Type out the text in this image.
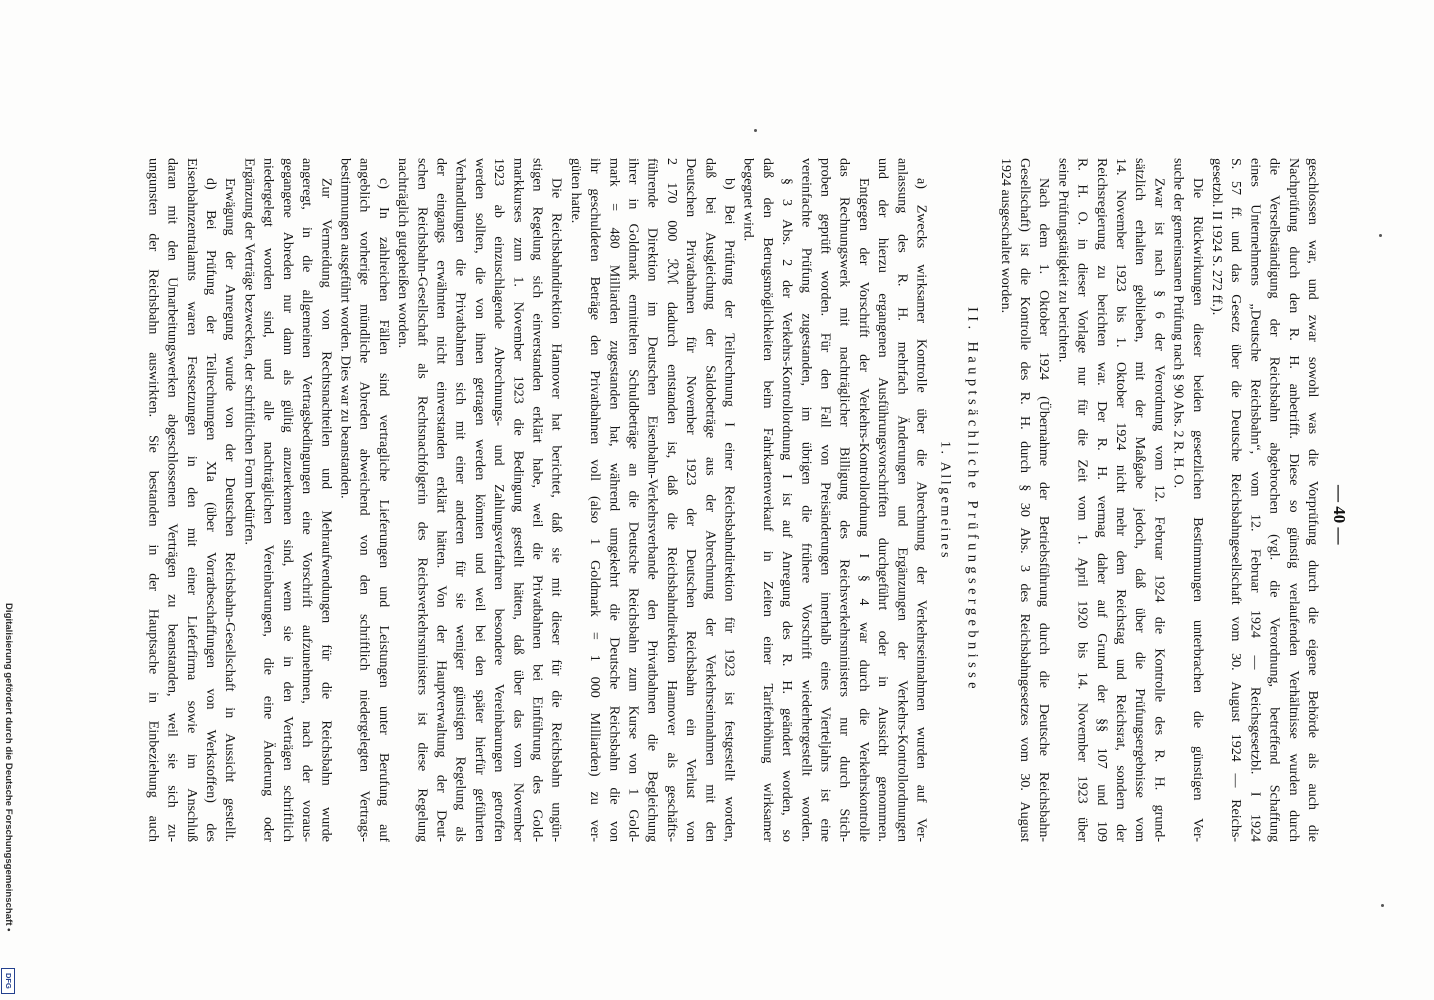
— 40 —
geschlossen war, und zwar sowohl was die Vorprüfung durch die eigene Behörde als auch die
Nachprüfung durch den R. H. anbetrifft. Diese so günstig verlaufenden Verhältnisse wurden durch
die Verselbständigung der Reichsbahn abgebrochen (vgl. die Verordnung, betreffend Schaffung
eines Unternehmens „Deutsche Reichsbahn“, vom 12. Februar 1924 — Reichsgesetzbl. I 1924
S. 57 ff. und das Gesetz über die Deutsche Reichsbahngesellschaft vom 30. August 1924 — Reichs-
gesetzbl. II 1924 S. 272 ff.).
Die Rückwirkungen dieser beiden gesetzlichen Bestimmungen unterbrachen die günstigen Ver-
suche der gemeinsamen Prüfung nach § 90 Abs. 2 R. H. O.
Zwar ist nach § 6 der Verordnung vom 12. Februar 1924 die Kontrolle des R. H. grund-
sätzlich erhalten geblieben, mit der Maßgabe jedoch, daß über die Prüfungsergebnisse vom
14. November 1923 bis 1. Oktober 1924 nicht mehr dem Reichstag und Reichsrat, sondern der
Reichsregierung zu berichten war. Der R. H. vermag daher auf Grund der §§ 107 und 109
R. H. O. in dieser Vorlage nur für die Zeit vom 1. April 1920 bis 14. November 1923 über
seine Prüfungstätigkeit zu berichten.
Nach dem 1. Oktober 1924 (Übernahme der Betriebsführung durch die Deutsche Reichsbahn-
Gesellschaft) ist die Kontrolle des R. H. durch § 30 Abs. 3 des Reichsbahngesetzes vom 30. August
1924 ausgeschaltet worden.
II. Hauptsächliche Prüfungsergebnisse
1. Allgemeines
a) Zwecks wirksamer Kontrolle über die Abrechnung der Verkehrseinnahmen wurden auf Ver-
anlassung des R. H. mehrfach Änderungen und Ergänzungen der Verkehrs-Kontrollordnungen
und der hierzu ergangenen Ausführungsvorschriften durchgeführt oder in Aussicht genommen.
Entgegen der Vorschrift der Verkehrs-Kontrollordnung I § 4 war durch die Verkehrskontrolle
das Rechnungswerk mit nachträglicher Billigung des Reichsverkehrsministers nur durch Stich-
proben geprüft worden. Für den Fall von Preisänderungen innerhalb eines Vierteljahrs ist eine
vereinfachte Prüfung zugestanden, im übrigen die frühere Vorschrift wiederhergestellt worden.
§ 3 Abs. 2 der Verkehrs-Kontrollordnung I ist auf Anregung des R. H. geändert worden, so
daß den Betrugsmöglichkeiten beim Fahrkartenverkauf in Zeiten einer Tariferhöhung wirksamer
begegnet wird.
b) Bei Prüfung der Teilrechnung I einer Reichsbahndirektion für 1923 ist festgestellt worden,
daß bei Ausgleichung der Saldobeträge aus der Abrechnung der Verkehrseinnahmen mit den
Deutschen Privatbahnen für November 1923 der Deutschen Reichsbahn ein Verlust von
2 170 000 ℛℳ dadurch entstanden ist, daß die Reichsbahndirektion Hannover als geschäfts-
führende Direktion im Deutschen Eisenbahn-Verkehrsverbande den Privatbahnen die Begleichung
ihrer in Goldmark ermittelten Schuldbeträge an die Deutsche Reichsbahn zum Kurse von 1 Gold-
mark = 480 Milliarden zugestanden hat, während umgekehrt die Deutsche Reichsbahn die von
ihr geschuldeten Beträge den Privatbahnen voll (also 1 Goldmark = 1 000 Milliarden) zu ver-
güten hatte.
Die Reichsbahndirektion Hannover hat berichtet, daß sie mit dieser für die Reichsbahn ungün-
stigen Regelung sich einverstanden erklärt habe, weil die Privatbahnen bei Einführung des Gold-
markkurses zum 1. November 1923 die Bedingung gestellt hätten, daß über das vom November
1923 ab einzuschlagende Abrechnungs- und Zahlungsverfahren besondere Vereinbarungen getroffen
werden sollten, die von ihnen getragen werden könnten und weil bei den später hierfür geführten
Verhandlungen die Privatbahnen sich mit einer anderen für sie weniger günstigen Regelung als
der eingangs erwähnten nicht einverstanden erklärt hätten. Von der Hauptverwaltung der Deut-
schen Reichsbahn-Gesellschaft als Rechtsnachfolgerin des Reichsverkehrsministers ist diese Regelung
nachträglich gutgeheißen worden.
c) In zahlreichen Fällen sind vertragliche Lieferungen und Leistungen unter Berufung auf
angeblich vorherige mündliche Abreden abweichend von den schriftlich niedergelegten Vertrags-
bestimmungen ausgeführt worden. Dies war zu beanstanden.
Zur Vermeidung von Rechtsnachteilen und Mehraufwendungen für die Reichsbahn wurde
angeregt, in die allgemeinen Vertragsbedingungen eine Vorschrift aufzunehmen, nach der voraus-
gegangene Abreden nur dann als gültig anzuerkennen sind, wenn sie in den Verträgen schriftlich
niedergelegt worden sind, und alle nachträglichen Vereinbarungen, die eine Änderung oder
Ergänzung der Verträge bezwecken, der schriftlichen Form bedürfen.
Erwägung der Anregung wurde von der Deutschen Reichsbahn-Gesellschaft in Aussicht gestellt.
d) Bei Prüfung der Teilrechnungen XIa (über Vorratbeschaffungen von Werkstoffen) des
Eisenbahnzentralamts waren Festsetzungen in den mit einer Lieferfirma sowie im Anschluß
daran mit den Umarbeitungswerken abgeschlossenen Verträgen zu beanstanden, weil sie sich zu-
ungunsten der Reichsbahn auswirkten. Sie bestanden in der Hauptsache in Einbeziehung auch
Digitalisierung gefördert durch die Deutsche Forschungsgemeinschaft •
DFG
